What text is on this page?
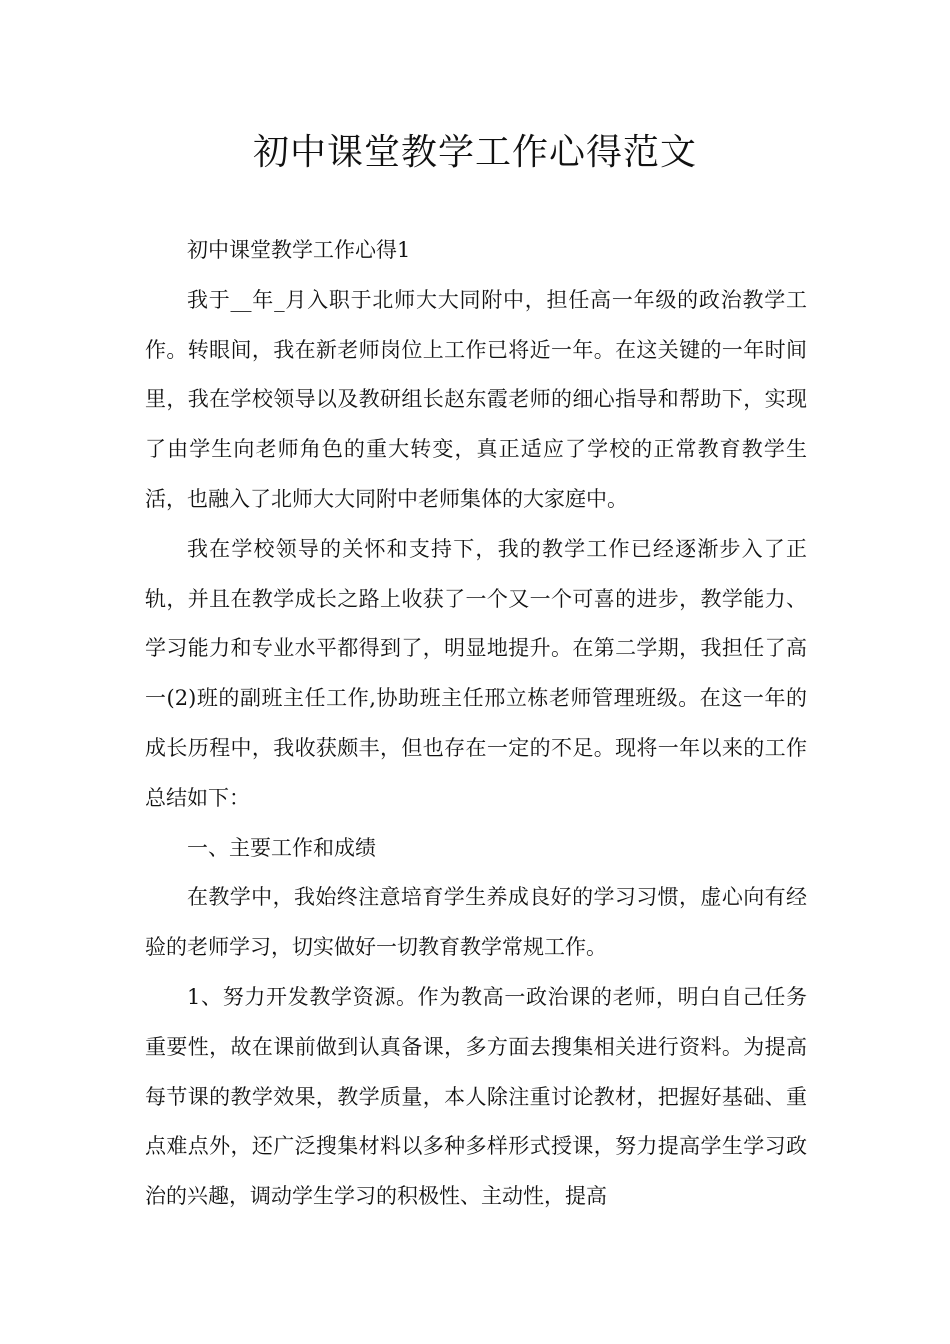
初中课堂教学工作心得范文

初中课堂教学工作心得1

我于__年_月入职于北师大大同附中，担任高一年级的政治教学工作。转眼间，我在新老师岗位上工作已将近一年。在这关键的一年时间里，我在学校领导以及教研组长赵东霞老师的细心指导和帮助下，实现了由学生向老师角色的重大转变，真正适应了学校的正常教育教学生活，也融入了北师大大同附中老师集体的大家庭中。

我在学校领导的关怀和支持下，我的教学工作已经逐渐步入了正轨，并且在教学成长之路上收获了一个又一个可喜的进步，教学能力、学习能力和专业水平都得到了，明显地提升。在第二学期，我担任了高一(2)班的副班主任工作,协助班主任邢立栋老师管理班级。在这一年的成长历程中，我收获颇丰，但也存在一定的不足。现将一年以来的工作总结如下：

一、主要工作和成绩

在教学中，我始终注意培育学生养成良好的学习习惯，虚心向有经验的老师学习，切实做好一切教育教学常规工作。

1、努力开发教学资源。作为教高一政治课的老师，明白自己任务重要性，故在课前做到认真备课，多方面去搜集相关进行资料。为提高每节课的教学效果，教学质量，本人除注重讨论教材，把握好基础、重点难点外，还广泛搜集材料以多种多样形式授课，努力提高学生学习政治的兴趣，调动学生学习的积极性、主动性，提高
